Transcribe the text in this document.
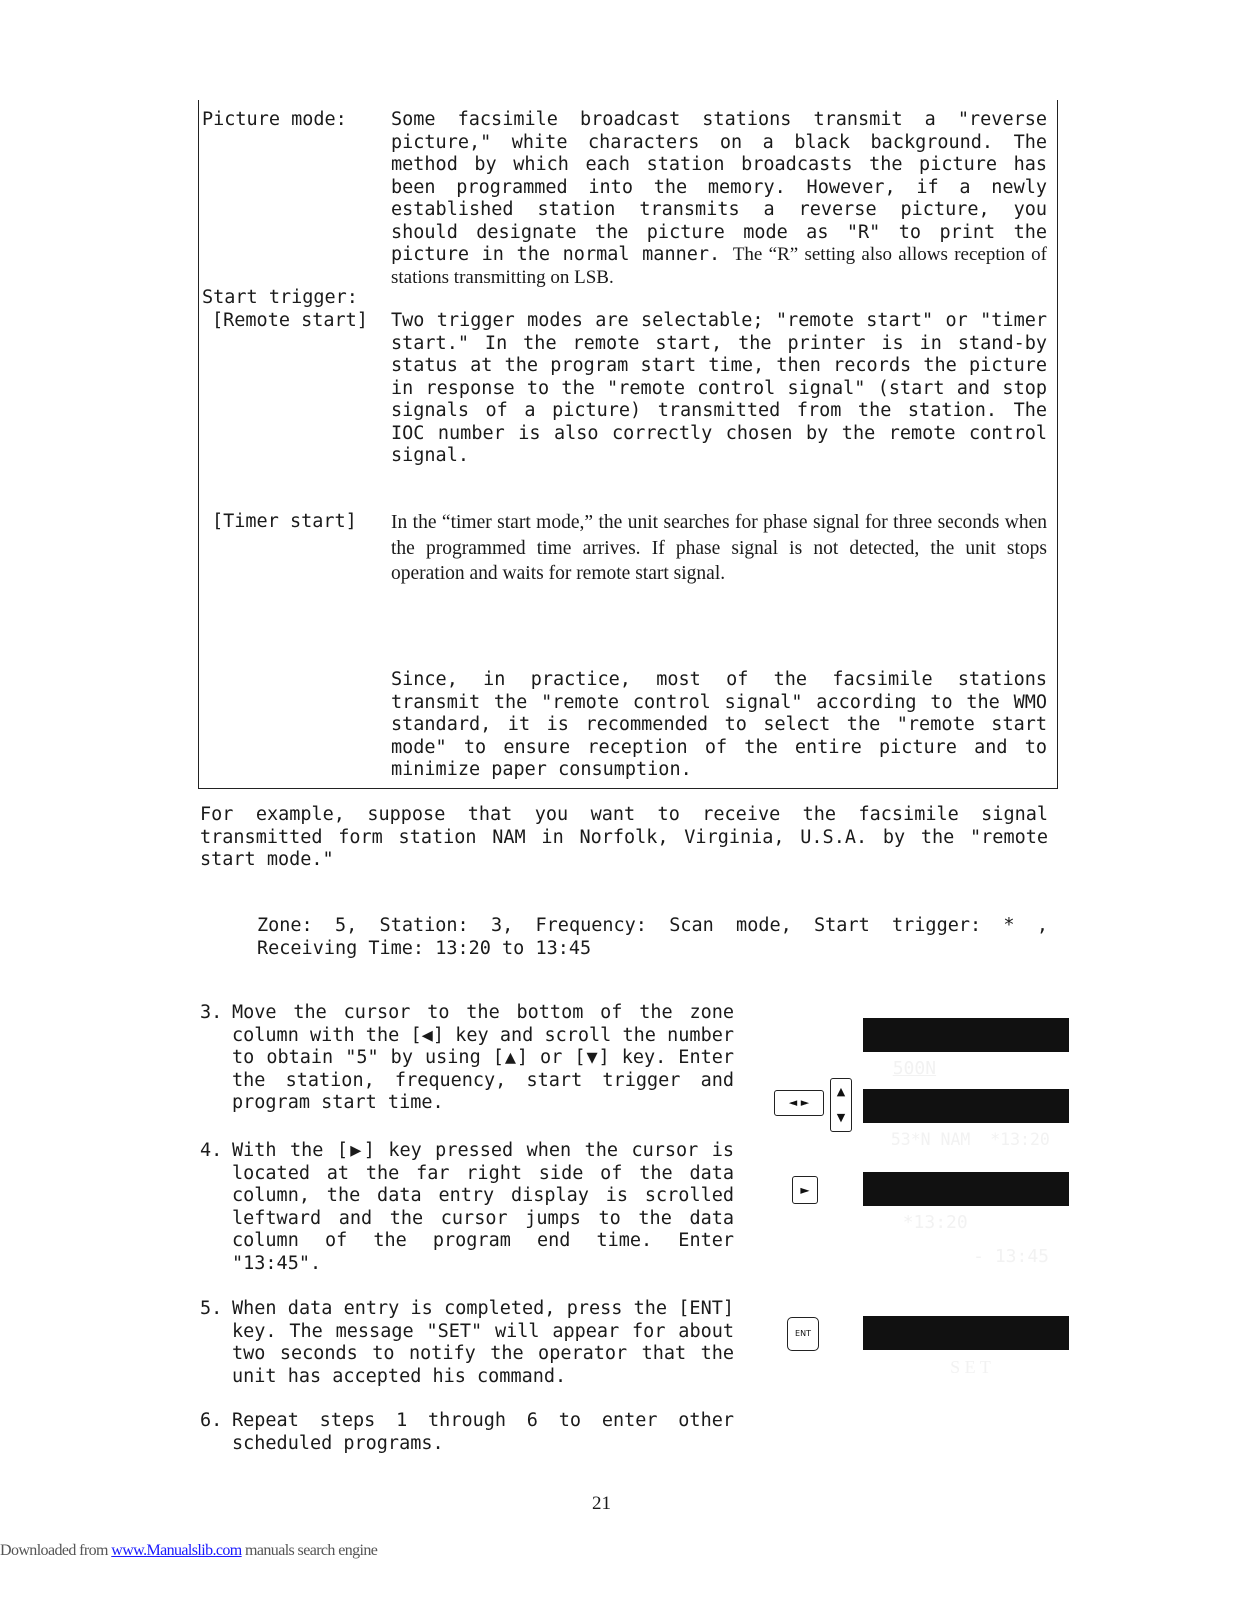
Picture mode: Some facsimile broadcast stations transmit a "reverse picture," white characters on a black background. The method by which each station broadcasts the picture has been programmed into the memory. However, if a newly established station transmits a reverse picture, you should designate the picture mode as "R" to print the picture in the normal manner. The “R” setting also allows reception of stations transmitting on LSB.
Start trigger:
[Remote start] Two trigger modes are selectable; "remote start" or "timer start." In the remote start, the printer is in stand-by status at the program start time, then records the picture in response to the "remote control signal" (start and stop signals of a picture) transmitted from the station. The IOC number is also correctly chosen by the remote control signal.
[Timer start] In the “timer start mode,” the unit searches for phase signal for three seconds when the programmed time arrives. If phase signal is not detected, the unit stops operation and waits for remote start signal.
Since, in practice, most of the facsimile stations transmit the "remote control signal" according to the WMO standard, it is recommended to select the "remote start mode" to ensure reception of the entire picture and to minimize paper consumption.
For example, suppose that you want to receive the facsimile signal transmitted form station NAM in Norfolk, Virginia, U.S.A. by the "remote start mode."
Zone: 5, Station: 3, Frequency: Scan mode, Start trigger: * ,
Receiving Time: 13:20 to 13:45
3. Move the cursor to the bottom of the zone column with the [◀] key and scroll the number to obtain "5" by using [▲] or [▼] key. Enter the station, frequency, start trigger and program start time.
4. With the [▶] key pressed when the cursor is located at the far right side of the data column, the data entry display is scrolled leftward and the cursor jumps to the data column of the program end time. Enter "13:45".
5. When data entry is completed, press the [ENT] key. The message "SET" will appear for about two seconds to notify the operator that the unit has accepted his command.
6. Repeat steps 1 through 6 to enter other scheduled programs.

500N

◄ ►
▲
▼

53*N NAM  *13:20

►

*13:20

- 13:45

ENT

S E T

21
Downloaded from www.Manualslib.com manuals search engine
